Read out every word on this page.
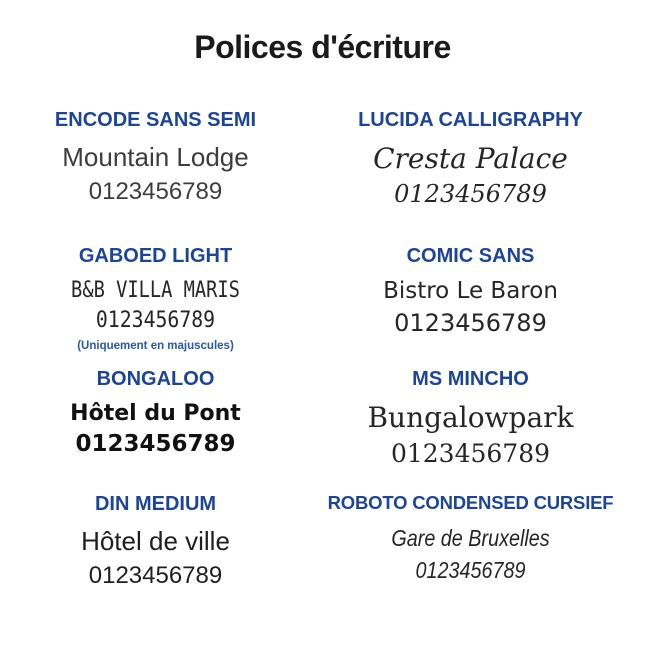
Polices d'écriture
ENCODE SANS SEMI
Mountain Lodge
0123456789
LUCIDA CALLIGRAPHY
Cresta Palace
0123456789
GABOED LIGHT
B&B VILLA MARIS
0123456789
(Uniquement en majuscules)
COMIC SANS
Bistro Le Baron
0123456789
BONGALOO
Hôtel du Pont
0123456789
MS MINCHO
Bungalowpark
0123456789
DIN MEDIUM
Hôtel de ville
0123456789
ROBOTO CONDENSED CURSIEF
Gare de Bruxelles
0123456789
